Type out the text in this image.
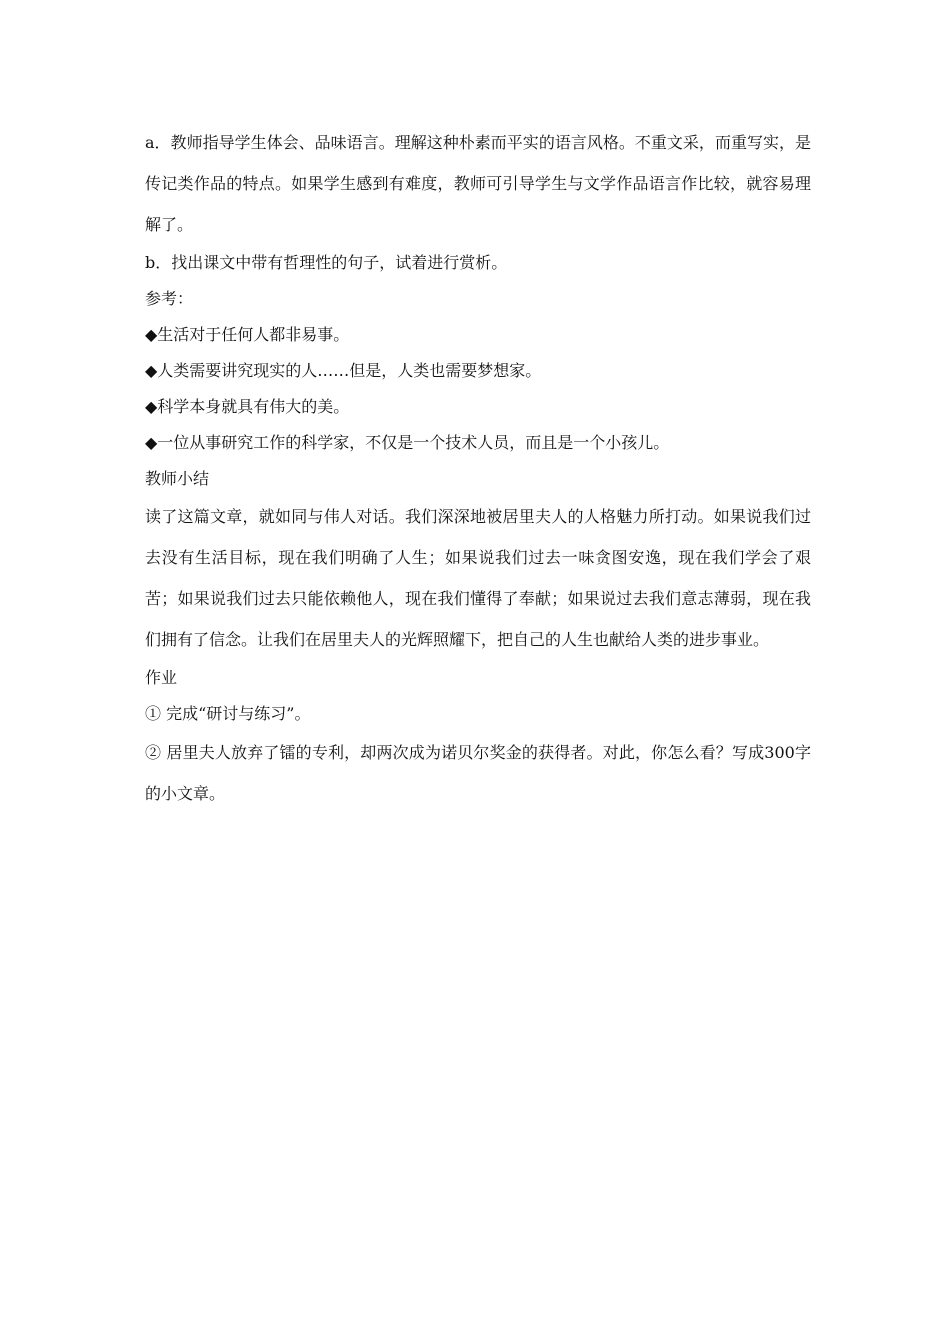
a．教师指导学生体会、品味语言。理解这种朴素而平实的语言风格。不重文采，而重写实，是传记类作品的特点。如果学生感到有难度，教师可引导学生与文学作品语言作比较，就容易理解了。

b．找出课文中带有哲理性的句子，试着进行赏析。

参考：

◆生活对于任何人都非易事。

◆人类需要讲究现实的人……但是，人类也需要梦想家。

◆科学本身就具有伟大的美。

◆一位从事研究工作的科学家，不仅是一个技术人员，而且是一个小孩儿。

教师小结

读了这篇文章，就如同与伟人对话。我们深深地被居里夫人的人格魅力所打动。如果说我们过去没有生活目标，现在我们明确了人生；如果说我们过去一味贪图安逸，现在我们学会了艰苦；如果说我们过去只能依赖他人，现在我们懂得了奉献；如果说过去我们意志薄弱，现在我们拥有了信念。让我们在居里夫人的光辉照耀下，把自己的人生也献给人类的进步事业。

作业

① 完成“研讨与练习”。

② 居里夫人放弃了镭的专利，却两次成为诺贝尔奖金的获得者。对此，你怎么看？写成300字的小文章。
